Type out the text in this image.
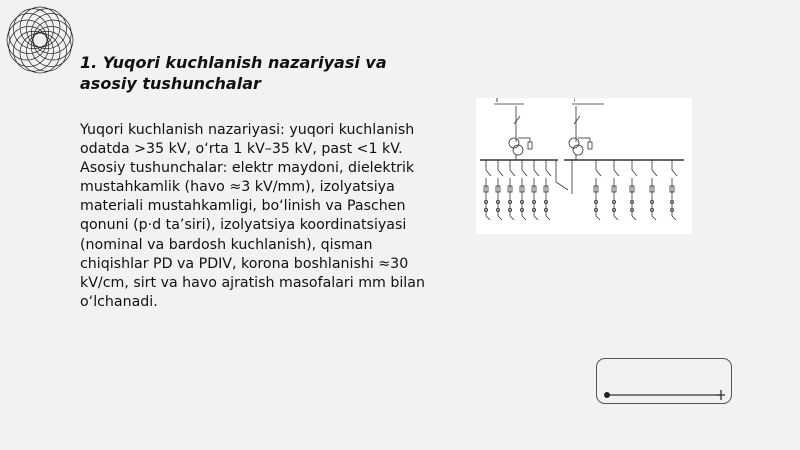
1. Yuqori kuchlanish nazariyasi va asosiy tushunchalar

Yuqori kuchlanish nazariyasi: yuqori kuchlanish odatda >35 kV, o‘rta 1 kV–35 kV, past <1 kV. Asosiy tushunchalar: elektr maydoni, dielektrik mustahkamlik (havo ≈3 kV/mm), izolyatsiya materiali mustahkamligi, bo‘linish va Paschen qonuni (p·d ta’siri), izolyatsiya koordinatsiyasi (nominal va bardosh kuchlanish), qisman chiqishlar PD va PDIV, korona boshlanishi ≈30 kV/cm, sirt va havo ajratish masofalari mm bilan o‘lchanadi.

Ⅱ	Ⅰ
